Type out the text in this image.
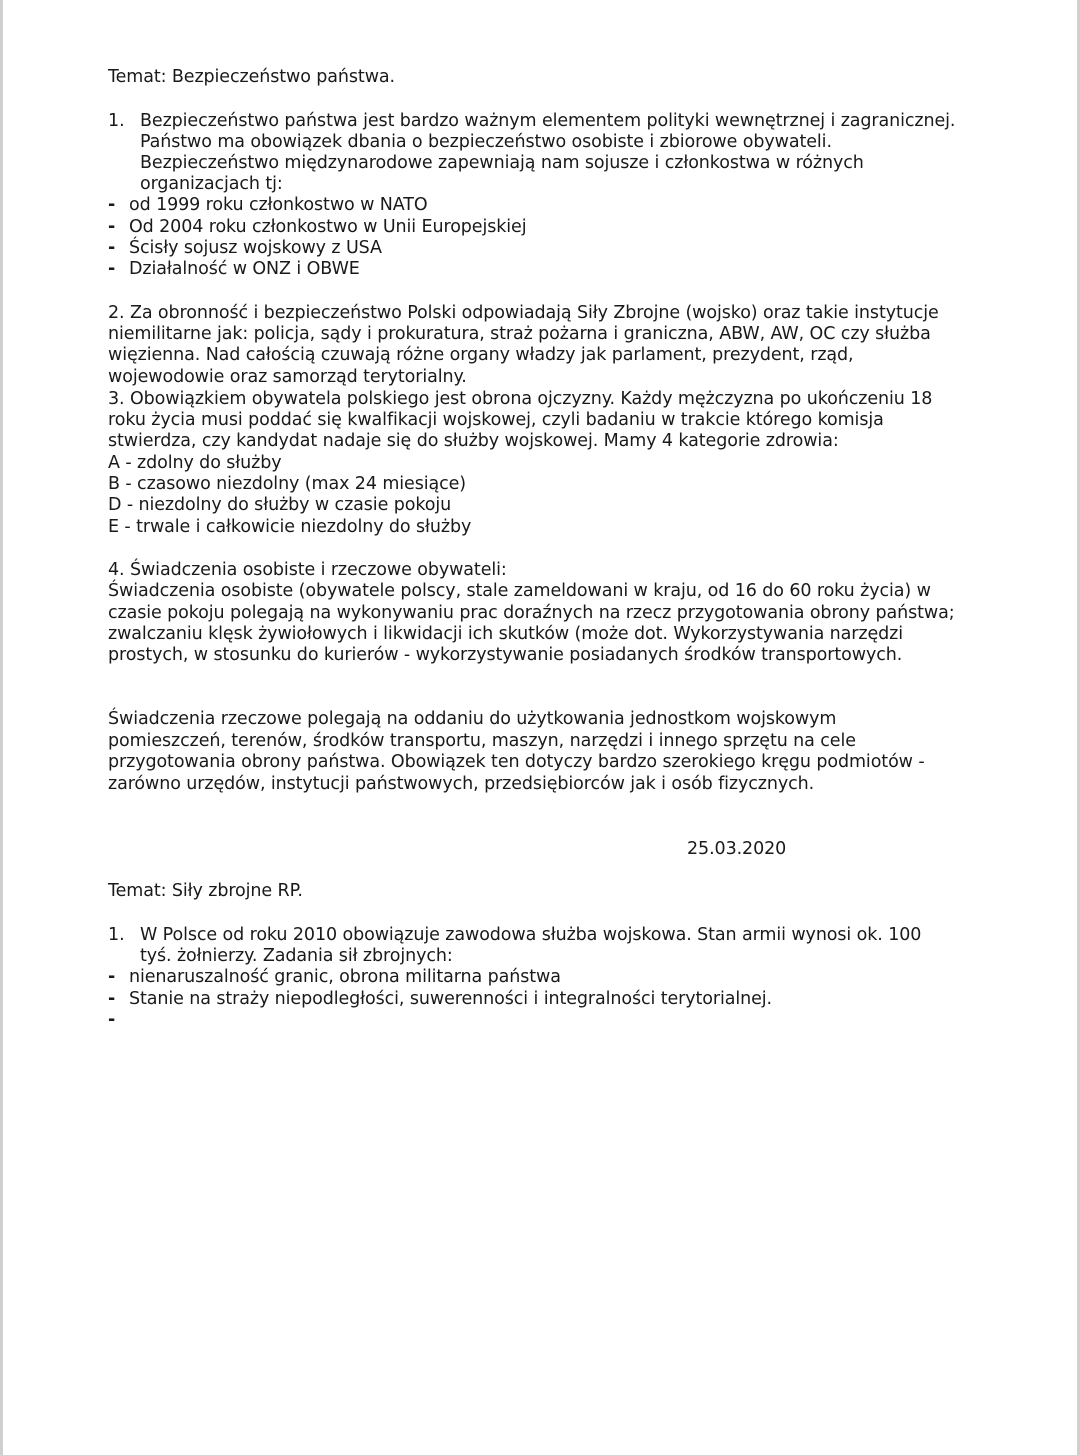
Temat: Bezpieczeństwo państwa.
1. Bezpieczeństwo państwa jest bardzo ważnym elementem polityki wewnętrznej i zagranicznej.
Państwo ma obowiązek dbania o bezpieczeństwo osobiste i zbiorowe obywateli.
Bezpieczeństwo międzynarodowe zapewniają nam sojusze i członkostwa w różnych
organizacjach tj:
- od 1999 roku członkostwo w NATO
- Od 2004 roku członkostwo w Unii Europejskiej
- Ścisły sojusz wojskowy z USA
- Działalność w ONZ i OBWE
2. Za obronność i bezpieczeństwo Polski odpowiadają Siły Zbrojne (wojsko) oraz takie instytucje
niemilitarne jak: policja, sądy i prokuratura, straż pożarna i graniczna, ABW, AW, OC czy służba
więzienna. Nad całością czuwają różne organy władzy jak parlament, prezydent, rząd,
wojewodowie oraz samorząd terytorialny.
3. Obowiązkiem obywatela polskiego jest obrona ojczyzny. Każdy mężczyzna po ukończeniu 18
roku życia musi poddać się kwalfikacji wojskowej, czyli badaniu w trakcie którego komisja
stwierdza, czy kandydat nadaje się do służby wojskowej. Mamy 4 kategorie zdrowia:
A - zdolny do służby
B - czasowo niezdolny (max 24 miesiące)
D - niezdolny do służby w czasie pokoju
E - trwale i całkowicie niezdolny do służby
4. Świadczenia osobiste i rzeczowe obywateli:
Świadczenia osobiste (obywatele polscy, stale zameldowani w kraju, od 16 do 60 roku życia) w
czasie pokoju polegają na wykonywaniu prac doraźnych na rzecz przygotowania obrony państwa;
zwalczaniu klęsk żywiołowych i likwidacji ich skutków (może dot. Wykorzystywania narzędzi
prostych, w stosunku do kurierów - wykorzystywanie posiadanych środków transportowych.
Świadczenia rzeczowe polegają na oddaniu do użytkowania jednostkom wojskowym
pomieszczeń, terenów, środków transportu, maszyn, narzędzi i innego sprzętu na cele
przygotowania obrony państwa. Obowiązek ten dotyczy bardzo szerokiego kręgu podmiotów -
zarówno urzędów, instytucji państwowych, przedsiębiorców jak i osób fizycznych.
25.03.2020
Temat: Siły zbrojne RP.
1. W Polsce od roku 2010 obowiązuje zawodowa służba wojskowa. Stan armii wynosi ok. 100
tyś. żołnierzy. Zadania sił zbrojnych:
- nienaruszalność granic, obrona militarna państwa
- Stanie na straży niepodległości, suwerenności i integralności terytorialnej.
-
